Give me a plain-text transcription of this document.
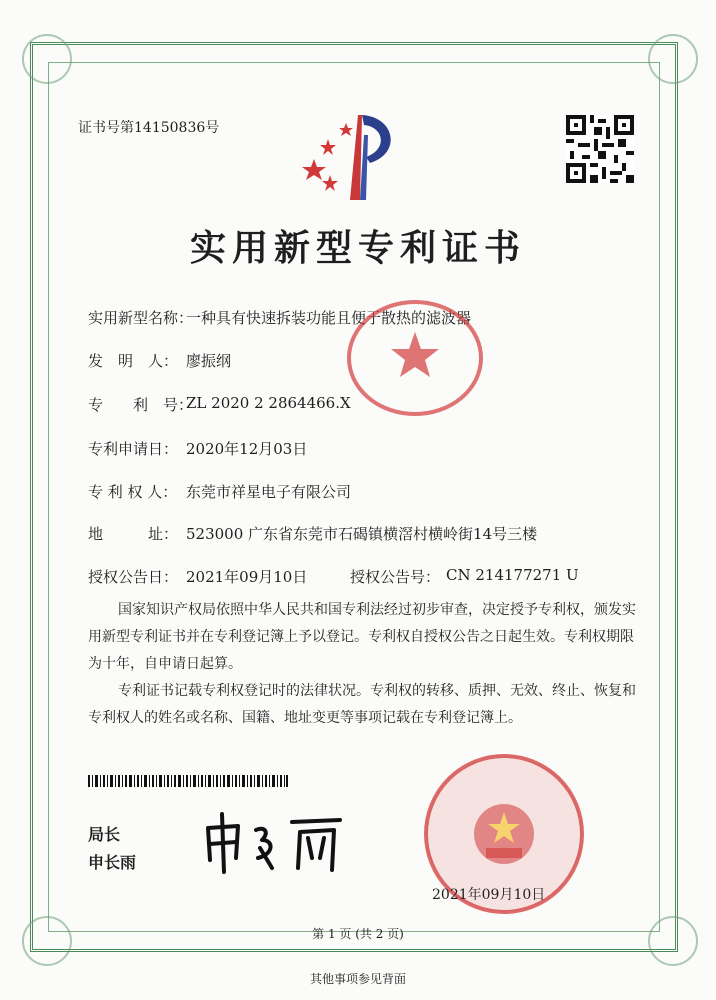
证书号第14150836号
实用新型专利证书
实用新型名称：
一种具有快速拆装功能且便于散热的滤波器
发　明　人： 廖振纲
专　　利　号：
ZL 2020 2 2864466.X
专利申请日： 2020年12月03日
专 利 权 人： 东莞市祥星电子有限公司
地　　　址： 523000 广东省东莞市石碣镇横滘村横岭街14号三楼
授权公告日： 2021年09月10日	授权公告号： CN 214177271 U
国家知识产权局依照中华人民共和国专利法经过初步审查，决定授予专利权，颁发实用新型专利证书并在专利登记簿上予以登记。专利权自授权公告之日起生效。专利权期限为十年，自申请日起算。
专利证书记载专利权登记时的法律状况。专利权的转移、质押、无效、终止、恢复和专利权人的姓名或名称、国籍、地址变更等事项记载在专利登记簿上。
局长
申长雨
2021年09月10日
第 1 页 (共 2 页)
其他事项参见背面
